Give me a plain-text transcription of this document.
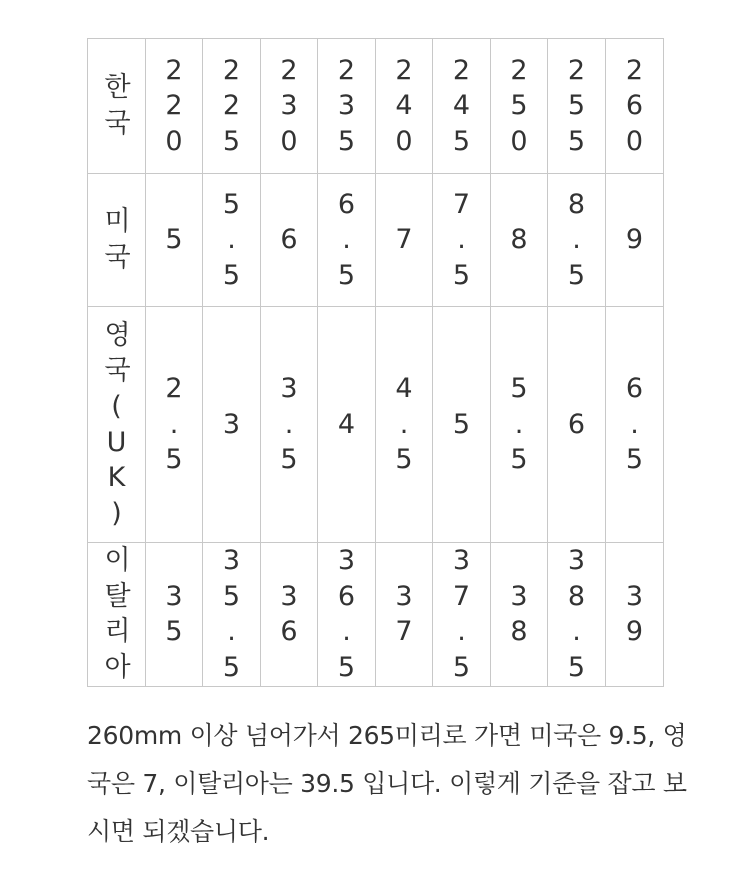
한국	220	225	230	235	240	245	250	255	260
미국	5	5.5	6	6.5	7	7.5	8	8.5	9
영국(UK)	2.5	3	3.5	4	4.5	5	5.5	6	6.5
이탈리아	35	35.5	36	36.5	37	37.5	38	38.5	39

260mm 이상 넘어가서 265미리로 가면 미국은 9.5, 영국은 7, 이탈리아는 39.5 입니다. 이렇게 기준을 잡고 보시면 되겠습니다.
